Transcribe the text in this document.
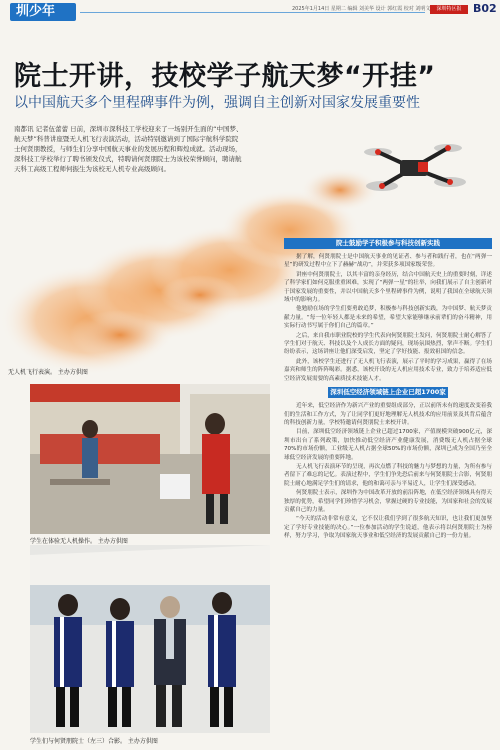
圳少年	2025年1月14日 星期二 编辑 刘美华 设计 郭红霞 校对 刘明文	深圳特区报	B02
院士开讲，技校学子航天梦“开挂”
以中国航天多个里程碑事件为例，强调自主创新对国家发展重要性
南都讯 记者伍蕾蕾 日前，深圳市深科技工学校迎来了一场别开生面的“中国梦、航天梦”科普讲座暨无人机飞行表演活动，活动特别邀请到了国际宇航科学院院士何贤朋教授，与师生们分享中国航天事业的发展历程和辉煌成就。活动现场，深科技工学校举行了聘书颁发仪式，特聘请何贤朋院士为该校荣誉顾问，聘请航天科工高级工程师何振生为该校无人机专业高级顾问。
无人机飞行表演。 主办方供图
学生在体验无人机操作。 主办方供图
学生们与何贤朋院士（左三）合影。 主办方供图
院士鼓励学子积极参与科技创新实践

据了解，何贤朋院士是中国航天事业的见证者、参与者和践行者，也在“两弹一星”的研发过程中立下了赫赫“战功”，并荣获多项国家级荣誉。

讲座中何贤朋院士，以其丰富的亲身经历，结合中国航天史上的重要时刻，详述了科学家们如何克服重重困难，实现了“两弹一星”的壮举，向我们展示了自主创新对于国家发展的重要性，并以中国航天多个里程碑事件为例，说明了我国在全球航天领域中的影响力。

他勉励在场的学生们要勇敢追梦，积极参与科技创新实践，为中国梦、航天梦贡献力量。“每一位年轻人都是未来的希望，希望大家能够继承前辈们的奋斗精神，用实际行动书写属于你们自己的篇章。”

之后，来自我市职业院校的学生代表向何贤朋院士发问，何贤朋院士耐心解答了学生们对于航天、科技以及个人成长方面的疑问，现场氛围热烈，掌声不断。学生们纷纷表示，这场讲座让他们深受启发，坚定了学好技能、报效祖国的信念。

此外，该校学生还进行了无人机飞行表演，展示了平时的学习成果，赢得了在场嘉宾和师生的阵阵喝彩。据悉，该校开设的无人机应用技术专业，致力于培养适应低空经济发展需要的高素质技术技能人才。

深圳低空经济领域链上企业已超1700家

近年来，低空经济作为新兴产业的重要组成部分，正以前所未有的速度改变着我们的生活和工作方式，为了让同学们更好地理解无人机技术的应用前景及其背后蕴含的科技创新力量，学校特邀请何贤朋院士来校开讲。

目前，深圳低空经济领域链上企业已超过1700家，产值规模突破900亿元，深圳市出台了系列政策，加快推动低空经济产业健康发展，消费级无人机占据全球70%的市场份额，工业级无人机占据全球50%的市场份额，深圳已成为全国乃至全球低空经济发展的重要阵地。

无人机飞行表演环节的呈现，再次点燃了科技的魅力与梦想的力量，为所有参与者留下了难忘的记忆。表演过程中，学生们争先恐后前来与何贤朋院士合影，何贤朋院士耐心地满足学生们的请求，他的和蔼可亲与平易近人，让学生们深受感动。

何贤朋院士表示，深圳作为中国改革开放的前沿阵地，在低空经济领域具有得天独厚的优势，希望同学们珍惜学习机会，掌握过硬的专业技能，为国家和社会的发展贡献自己的力量。

“今天的活动非常有意义，它不仅让我们学到了很多航天知识，也让我们更加坚定了学好专业技能的决心。”一位参加活动的学生说道，他表示将以何贤朋院士为榜样，努力学习，争取为国家航天事业和低空经济的发展贡献自己的一份力量。
